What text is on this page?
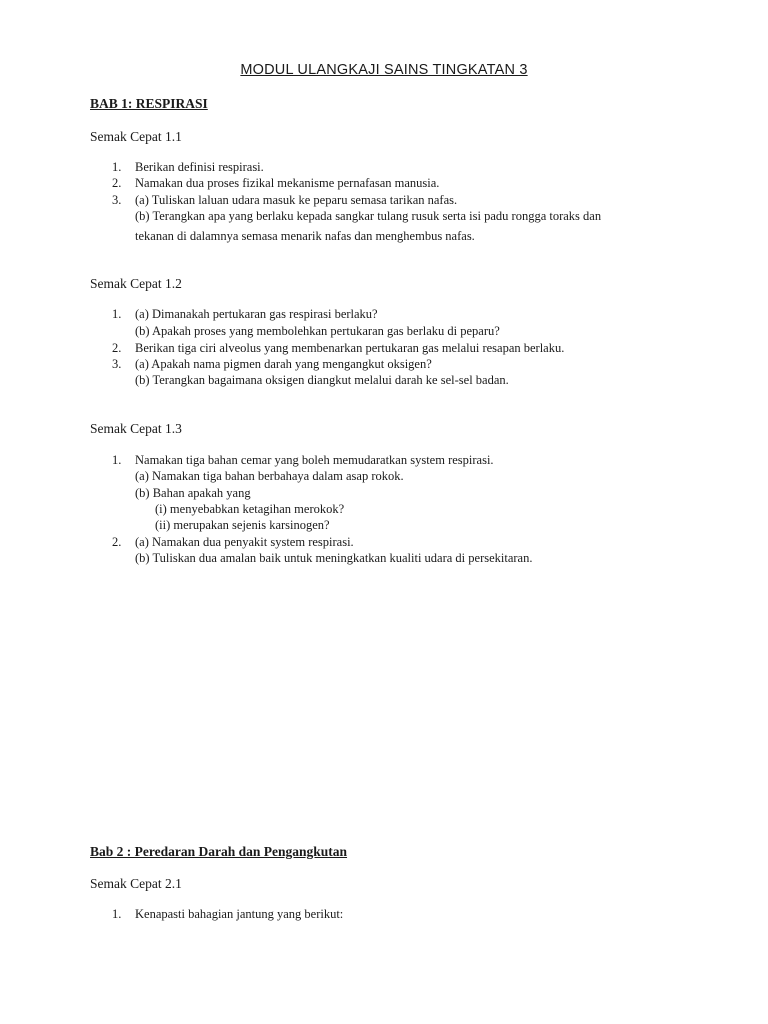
MODUL ULANGKAJI SAINS TINGKATAN 3
BAB 1: RESPIRASI
Semak Cepat 1.1
1. Berikan definisi respirasi.
2. Namakan dua proses fizikal mekanisme pernafasan manusia.
3. (a) Tuliskan laluan udara masuk ke peparu semasa tarikan nafas.
(b) Terangkan apa yang berlaku kepada sangkar tulang rusuk serta isi padu rongga toraks dan
tekanan di dalamnya semasa menarik nafas dan menghembus nafas.
Semak Cepat 1.2
1. (a) Dimanakah pertukaran gas respirasi berlaku?
(b) Apakah proses yang membolehkan pertukaran gas berlaku di peparu?
2. Berikan tiga ciri alveolus yang membenarkan pertukaran gas melalui resapan berlaku.
3. (a) Apakah nama pigmen darah yang mengangkut oksigen?
(b) Terangkan bagaimana oksigen diangkut melalui darah ke sel-sel badan.
Semak Cepat 1.3
1. Namakan tiga bahan cemar yang boleh memudaratkan system respirasi.
(a) Namakan tiga bahan berbahaya dalam asap rokok.
(b) Bahan apakah yang
(i) menyebabkan ketagihan merokok?
(ii) merupakan sejenis karsinogen?
2. (a) Namakan dua penyakit system respirasi.
(b) Tuliskan dua amalan baik untuk meningkatkan kualiti udara di persekitaran.
Bab 2 : Peredaran Darah dan Pengangkutan
Semak Cepat 2.1
1. Kenapasti bahagian jantung yang berikut:
